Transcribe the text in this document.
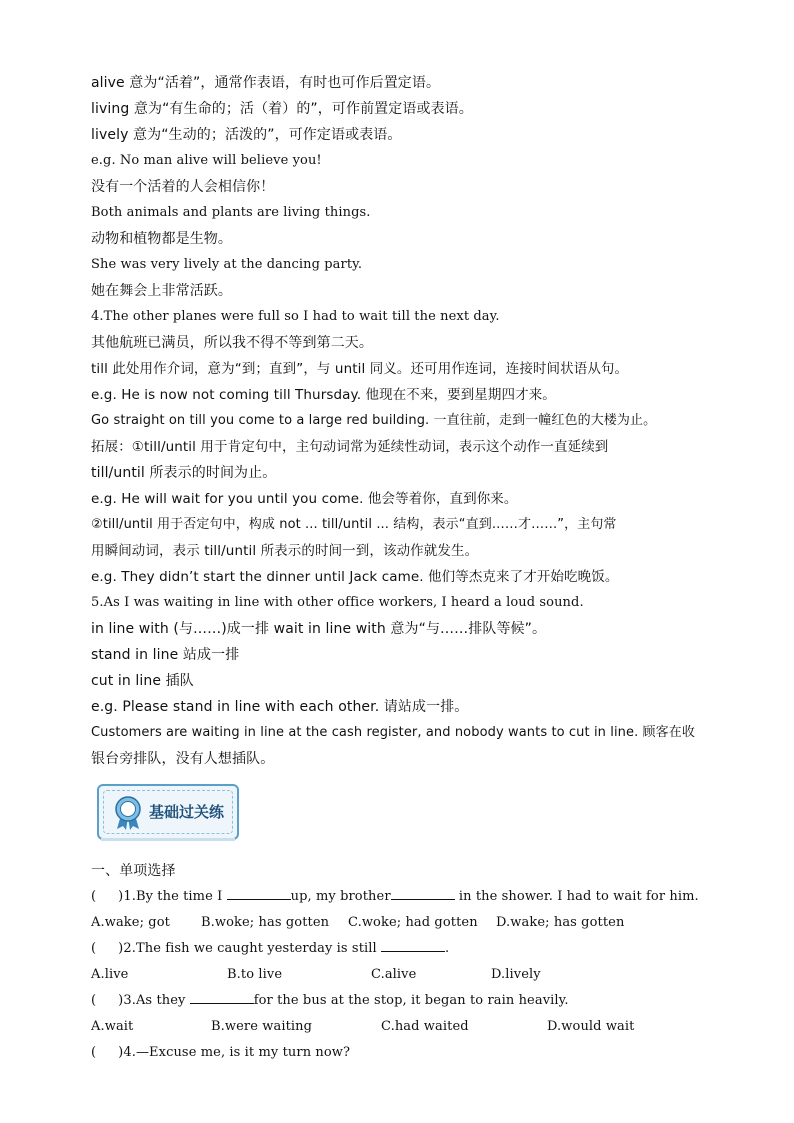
alive 意为“活着”，通常作表语，有时也可作后置定语。
living 意为“有生命的；活（着）的”，可作前置定语或表语。
lively 意为“生动的；活泼的”，可作定语或表语。
e.g. No man alive will believe you!
没有一个活着的人会相信你！
Both animals and plants are living things.
动物和植物都是生物。
She was very lively at the dancing party.
她在舞会上非常活跃。
4.The other planes were full so I had to wait till the next day.
其他航班已满员，所以我不得不等到第二天。
till 此处用作介词，意为“到；直到”，与 until 同义。还可用作连词，连接时间状语从句。
e.g. He is now not coming till Thursday. 他现在不来，要到星期四才来。
Go straight on till you come to a large red building. 一直往前，走到一幢红色的大楼为止。
拓展：①till/until 用于肯定句中，主句动词常为延续性动词，表示这个动作一直延续到
till/until 所表示的时间为止。
e.g. He will wait for you until you come. 他会等着你，直到你来。
②till/until 用于否定句中，构成 not ... till/until ... 结构，表示“直到……才……”，主句常
用瞬间动词，表示 till/until 所表示的时间一到，该动作就发生。
e.g. They didn’t start the dinner until Jack came. 他们等杰克来了才开始吃晚饭。
5.As I was waiting in line with other office workers, I heard a loud sound.
in line with (与……)成一排 wait in line with 意为“与……排队等候”。
stand in line 站成一排
cut in line 插队
e.g. Please stand in line with each other. 请站成一排。
Customers are waiting in line at the cash register, and nobody wants to cut in line. 顾客在收
银台旁排队，没有人想插队。
基础过关练
一、单项选择
( )1.By the time I	up, my brother	in the shower. I had to wait for him.
A.wake; got B.woke; has gotten C.woke; had gotten D.wake; has gotten
( )2.The fish we caught yesterday is still	.
A.live	B.to live	C.alive	D.lively
( )3.As they	for the bus at the stop, it began to rain heavily.
A.wait	B.were waiting	C.had waited	D.would wait
( )4.—Excuse me, is it my turn now?
